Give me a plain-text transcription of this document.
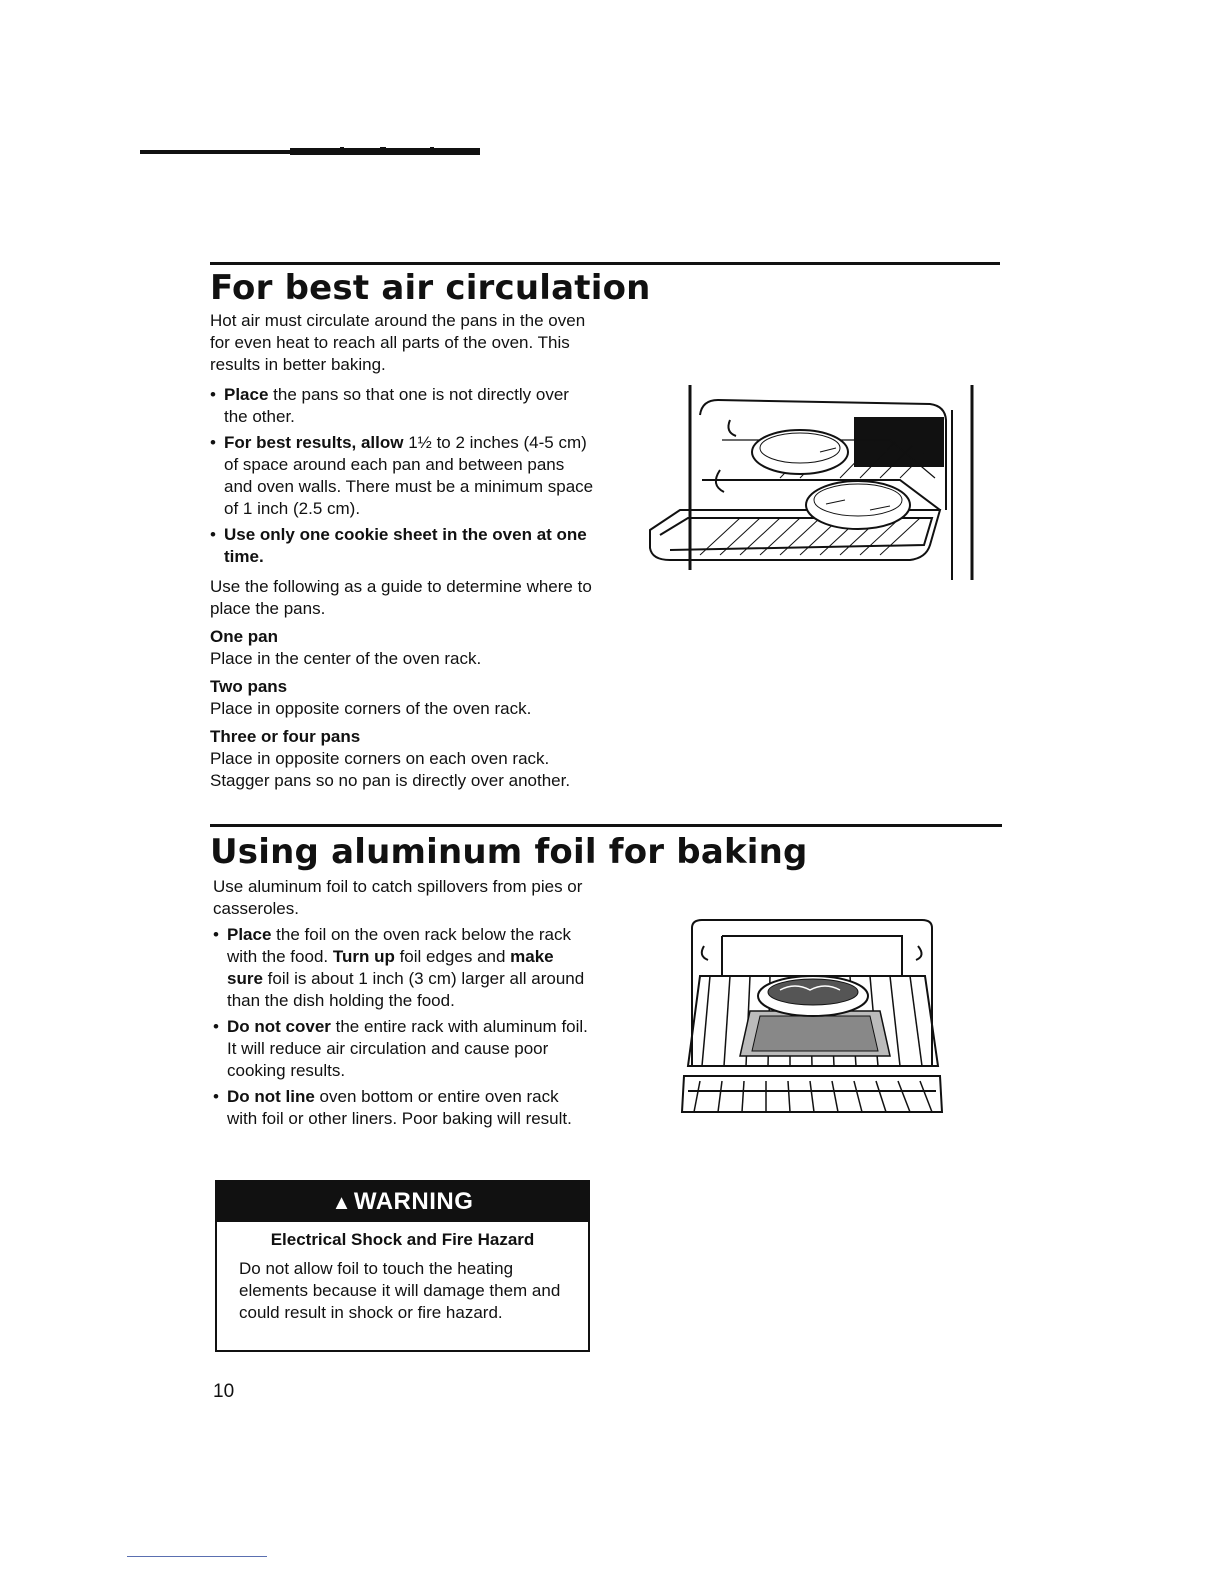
For best air circulation

Hot air must circulate around the pans in the oven for even heat to reach all parts of the oven. This results in better baking.

• Place the pans so that one is not directly over the other.
• For best results, allow 1½ to 2 inches (4-5 cm) of space around each pan and between pans and oven walls. There must be a minimum space of 1 inch (2.5 cm).
• Use only one cookie sheet in the oven at one time.

Use the following as a guide to determine where to place the pans.

One pan

Place in the center of the oven rack.

Two pans

Place in opposite corners of the oven rack.

Three or four pans

Place in opposite corners on each oven rack. Stagger pans so no pan is directly over another.

Using aluminum foil for baking

Use aluminum foil to catch spillovers from pies or casseroles.

• Place the foil on the oven rack below the rack with the food. Turn up foil edges and make sure foil is about 1 inch (3 cm) larger all around than the dish holding the food.
• Do not cover the entire rack with aluminum foil. It will reduce air circulation and cause poor cooking results.
• Do not line oven bottom or entire oven rack with foil or other liners. Poor baking will result.
▲WARNING
Electrical Shock and Fire Hazard
Do not allow foil to touch the heating elements because it will damage them and could result in shock or fire hazard.
10
